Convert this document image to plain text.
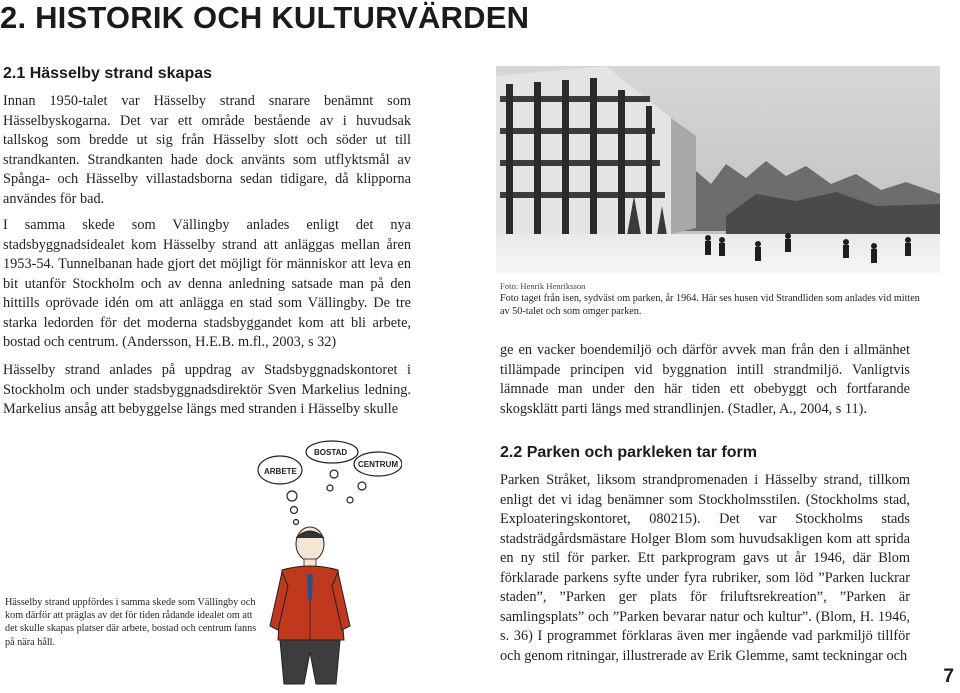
2. HISTORIK OCH KULTURVÄRDEN
2.1 Hässelby strand skapas

Innan 1950-talet var Hässelby strand snarare benämnt som Hässelbyskogarna. Det var ett område bestående av i huvudsak tallskog som bredde ut sig från Hässelby slott och söder ut till strandkanten. Strandkanten hade dock använts som utflyktsmål av Spånga- och Hässelby villastadsborna sedan tidigare, då klipporna användes för bad.

I samma skede som Vällingby anlades enligt det nya stadsbyggnadsidealet kom Hässelby strand att anläggas mellan åren 1953-54. Tunnelbanan hade gjort det möjligt för människor att leva en bit utanför Stockholm och av denna anledning satsade man på den hittills oprövade idén om att anlägga en stad som Vällingby. De tre starka ledorden för det moderna stadsbyggandet kom att bli arbete, bostad och centrum. (Andersson, H.E.B. m.fl., 2003, s 32)

Hässelby strand anlades på uppdrag av Stadsbyggnadskontoret i Stockholm och under stadsbyggnadsdirektör Sven Markelius ledning. Markelius ansåg att bebyggelse längs med stranden i Hässelby skulle

Foto: Henrik Henriksson

Foto taget från isen, sydväst om parken, år 1964. Här ses husen vid Strandliden som anlades vid mitten av 50-talet och som omger parken.

ge en vacker boendemiljö och därför avvek man från den i allmänhet tillämpade principen vid byggnation intill strandmiljö. Vanligtvis lämnade man under den här tiden ett obebyggt och fortfarande skogsklätt parti längs med strandlinjen. (Stadler, A., 2004, s 11).

2.2 Parken och parkleken tar form

Parken Stråket, liksom strandpromenaden i Hässelby strand, tillkom enligt det vi idag benämner som Stockholmsstilen. (Stockholms stad, Exploateringskontoret, 080215). Det var Stockholms stads stadsträdgårdsmästare Holger Blom som huvudsakligen kom att sprida en ny stil för parker. Ett parkprogram gavs ut år 1946, där Blom förklarade parkens syfte under fyra rubriker, som löd ”Parken luckrar staden”, ”Parken ger plats för friluftsrekreation”, ”Parken är samlingsplats” och ”Parken bevarar natur och kultur”. (Blom, H. 1946, s. 36) I programmet förklaras även mer ingående vad parkmiljö tillför och genom ritningar, illustrerade av Erik Glemme, samt teckningar och

ARBETE
BOSTAD
CENTRUM

Hässelby strand uppfördes i samma skede som Vällingby och kom därför att präglas av det för tiden rådande idealet om att det skulle skapas platser där arbete, bostad och centrum fanns på nära håll.

7
